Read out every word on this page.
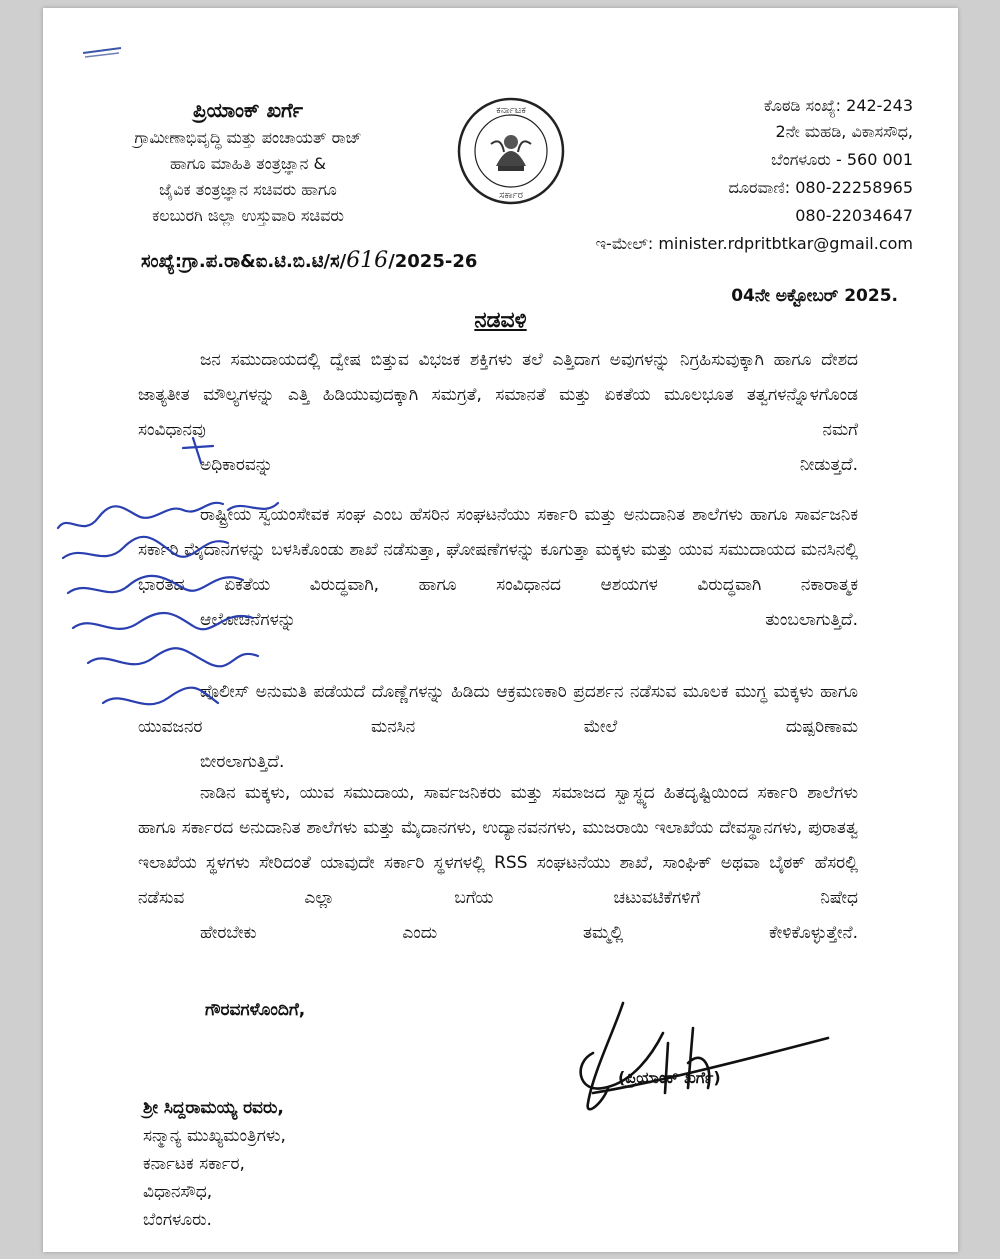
ಪ್ರಿಯಾಂಕ್ ಖರ್ಗೆ
ಗ್ರಾಮೀಣಾಭಿವೃದ್ಧಿ ಮತ್ತು ಪಂಚಾಯತ್ ರಾಜ್
ಹಾಗೂ ಮಾಹಿತಿ ತಂತ್ರಜ್ಞಾನ &
ಜೈವಿಕ ತಂತ್ರಜ್ಞಾನ ಸಚಿವರು ಹಾಗೂ
ಕಲಬುರಗಿ ಜಿಲ್ಲಾ ಉಸ್ತುವಾರಿ ಸಚಿವರು
ಸಂಖ್ಯೆ:ಗ್ರಾ.ಪ.ರಾ&ಐ.ಟಿ.ಬಿ.ಟಿ/ಸ/616/2025-26
ಕರ್ನಾಟಕ
ಸರ್ಕಾರ
ಕೊಠಡಿ ಸಂಖ್ಯೆ: 242-243
2ನೇ ಮಹಡಿ, ವಿಕಾಸಸೌಧ,
ಬೆಂಗಳೂರು - 560 001
ದೂರವಾಣಿ: 080-22258965
080-22034647
ಇ-ಮೇಲ್: minister.rdpritbtkar@gmail.com
04ನೇ ಅಕ್ಟೋಬರ್ 2025.
ನಡವಳಿ
ಜನ ಸಮುದಾಯದಲ್ಲಿ ದ್ವೇಷ ಬಿತ್ತುವ ವಿಭಜಕ ಶಕ್ತಿಗಳು ತಲೆ ಎತ್ತಿದಾಗ ಅವುಗಳನ್ನು ನಿಗ್ರಹಿಸುವುಕ್ಕಾಗಿ ಹಾಗೂ ದೇಶದ ಜಾತ್ಯತೀತ ಮೌಲ್ಯಗಳನ್ನು ಎತ್ತಿ ಹಿಡಿಯುವುದಕ್ಕಾಗಿ ಸಮಗ್ರತೆ, ಸಮಾನತೆ ಮತ್ತು ಏಕತೆಯ ಮೂಲಭೂತ ತತ್ವಗಳನ್ನೊಳಗೊಂಡ ಸಂವಿಧಾನವು ನಮಗೆ
ಅಧಿಕಾರವನ್ನು ನೀಡುತ್ತದೆ.
ರಾಷ್ಟ್ರೀಯ ಸ್ವಯಂಸೇವಕ ಸಂಘ ಎಂಬ ಹೆಸರಿನ ಸಂಘಟನೆಯು ಸರ್ಕಾರಿ ಮತ್ತು ಅನುದಾನಿತ ಶಾಲೆಗಳು ಹಾಗೂ ಸಾರ್ವಜನಿಕ ಸರ್ಕಾರಿ ಮೈದಾನಗಳನ್ನು ಬಳಸಿಕೊಂಡು ಶಾಖೆ ನಡೆಸುತ್ತಾ, ಘೋಷಣೆಗಳನ್ನು ಕೂಗುತ್ತಾ ಮಕ್ಕಳು ಮತ್ತು ಯುವ ಸಮುದಾಯದ ಮನಸಿನಲ್ಲಿ ಭಾರತದ ಏಕತೆಯ ವಿರುದ್ಧವಾಗಿ, ಹಾಗೂ ಸಂವಿಧಾನದ ಆಶಯಗಳ ವಿರುದ್ಧವಾಗಿ ನಕಾರಾತ್ಮಕ
ಆಲೋಚನೆಗಳನ್ನು ತುಂಬಲಾಗುತ್ತಿದೆ.
ಪೊಲೀಸ್ ಅನುಮತಿ ಪಡೆಯದೆ ದೊಣ್ಣೆಗಳನ್ನು ಹಿಡಿದು ಆಕ್ರಮಣಕಾರಿ ಪ್ರದರ್ಶನ ನಡೆಸುವ ಮೂಲಕ ಮುಗ್ಧ ಮಕ್ಕಳು ಹಾಗೂ ಯುವಜನರ ಮನಸಿನ ಮೇಲೆ ದುಷ್ಪರಿಣಾಮ
ಬೀರಲಾಗುತ್ತಿದೆ.
ನಾಡಿನ ಮಕ್ಕಳು, ಯುವ ಸಮುದಾಯ, ಸಾರ್ವಜನಿಕರು ಮತ್ತು ಸಮಾಜದ ಸ್ವಾಸ್ಥ್ಯದ ಹಿತದೃಷ್ಟಿಯಿಂದ ಸರ್ಕಾರಿ ಶಾಲೆಗಳು ಹಾಗೂ ಸರ್ಕಾರದ ಅನುದಾನಿತ ಶಾಲೆಗಳು ಮತ್ತು ಮೈದಾನಗಳು, ಉದ್ಯಾನವನಗಳು, ಮುಜರಾಯಿ ಇಲಾಖೆಯ ದೇವಸ್ಥಾನಗಳು, ಪುರಾತತ್ವ ಇಲಾಖೆಯ ಸ್ಥಳಗಳು ಸೇರಿದಂತೆ ಯಾವುದೇ ಸರ್ಕಾರಿ ಸ್ಥಳಗಳಲ್ಲಿ RSS ಸಂಘಟನೆಯು ಶಾಖೆ, ಸಾಂಘಿಕ್ ಅಥವಾ ಬೈಠಕ್ ಹೆಸರಲ್ಲಿ ನಡೆಸುವ ಎಲ್ಲಾ ಬಗೆಯ ಚಟುವಟಿಕೆಗಳಿಗೆ ನಿಷೇಧ
ಹೇರಬೇಕು ಎಂದು ತಮ್ಮಲ್ಲಿ ಕೇಳಿಕೊಳ್ಳುತ್ತೇನೆ.
ಗೌರವಗಳೊಂದಿಗೆ,
(ಪ್ರಿಯಾಂಕ್ ಖರ್ಗೆ)
ಶ್ರೀ ಸಿದ್ದರಾಮಯ್ಯ ರವರು,
ಸನ್ಮಾನ್ಯ ಮುಖ್ಯಮಂತ್ರಿಗಳು,
ಕರ್ನಾಟಕ ಸರ್ಕಾರ,
ವಿಧಾನಸೌಧ,
ಬೆಂಗಳೂರು.
